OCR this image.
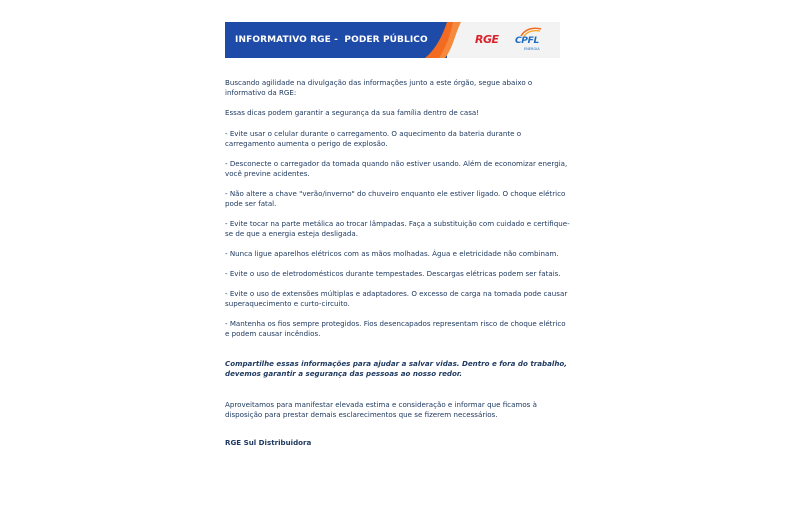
INFORMATIVO RGE -  PODER PÚBLICO	RGE CPFL
ENERGIA

Buscando agilidade na divulgação das informações junto a este órgão, segue abaixo o informativo da RGE:

Essas dicas podem garantir a segurança da sua família dentro de casa!

- Evite usar o celular durante o carregamento. O aquecimento da bateria durante o carregamento aumenta o perigo de explosão.

- Desconecte o carregador da tomada quando não estiver usando. Além de economizar energia, você previne acidentes.

- Não altere a chave "verão/inverno" do chuveiro enquanto ele estiver ligado. O choque elétrico pode ser fatal.

- Evite tocar na parte metálica ao trocar lâmpadas. Faça a substituição com cuidado e certifique-se de que a energia esteja desligada.

- Nunca ligue aparelhos elétricos com as mãos molhadas. Água e eletricidade não combinam.

- Evite o uso de eletrodomésticos durante tempestades. Descargas elétricas podem ser fatais.

- Evite o uso de extensões múltiplas e adaptadores. O excesso de carga na tomada pode causar superaquecimento e curto-circuito.

- Mantenha os fios sempre protegidos. Fios desencapados representam risco de choque elétrico e podem causar incêndios.

Compartilhe essas informações para ajudar a salvar vidas. Dentro e fora do trabalho, devemos garantir a segurança das pessoas ao nosso redor.

Aproveitamos para manifestar elevada estima e consideração e informar que ficamos à disposição para prestar demais esclarecimentos que se fizerem necessários.

RGE Sul Distribuidora
